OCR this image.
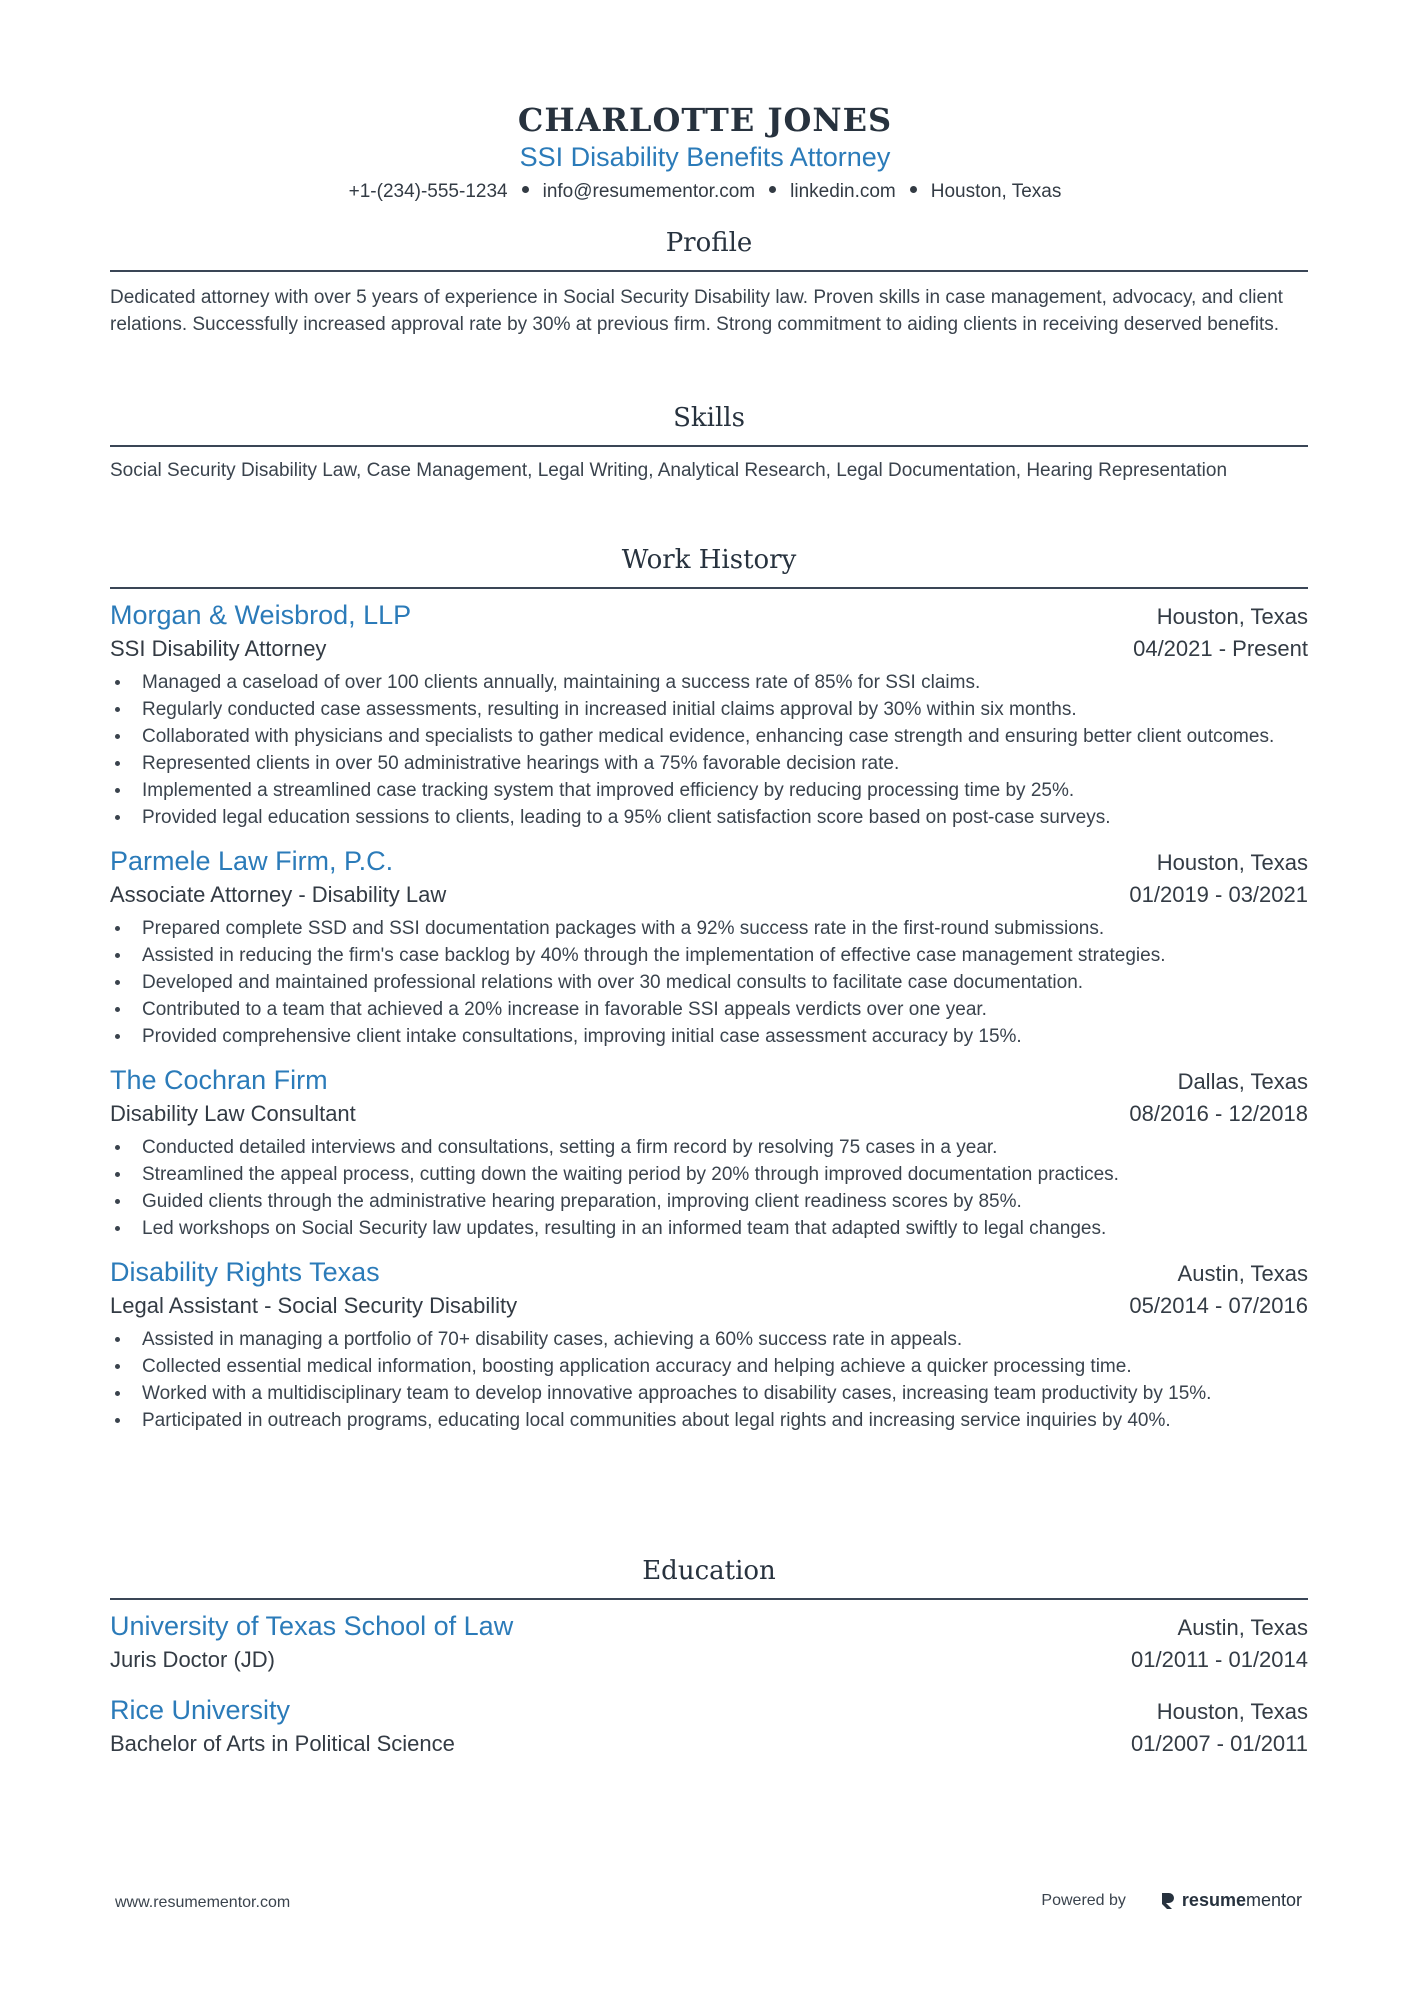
CHARLOTTE JONES
SSI Disability Benefits Attorney
+1-(234)-555-1234 info@resumementor.com linkedin.com Houston, Texas
Profile
Dedicated attorney with over 5 years of experience in Social Security Disability law. Proven skills in case management, advocacy, and client relations. Successfully increased approval rate by 30% at previous firm. Strong commitment to aiding clients in receiving deserved benefits.
Skills
Social Security Disability Law, Case Management, Legal Writing, Analytical Research, Legal Documentation, Hearing Representation
Work History
Morgan & Weisbrod, LLP	Houston, Texas
SSI Disability Attorney	04/2021 - Present
Managed a caseload of over 100 clients annually, maintaining a success rate of 85% for SSI claims.
Regularly conducted case assessments, resulting in increased initial claims approval by 30% within six months.
Collaborated with physicians and specialists to gather medical evidence, enhancing case strength and ensuring better client outcomes.
Represented clients in over 50 administrative hearings with a 75% favorable decision rate.
Implemented a streamlined case tracking system that improved efficiency by reducing processing time by 25%.
Provided legal education sessions to clients, leading to a 95% client satisfaction score based on post-case surveys.
Parmele Law Firm, P.C.	Houston, Texas
Associate Attorney - Disability Law	01/2019 - 03/2021
Prepared complete SSD and SSI documentation packages with a 92% success rate in the first-round submissions.
Assisted in reducing the firm's case backlog by 40% through the implementation of effective case management strategies.
Developed and maintained professional relations with over 30 medical consults to facilitate case documentation.
Contributed to a team that achieved a 20% increase in favorable SSI appeals verdicts over one year.
Provided comprehensive client intake consultations, improving initial case assessment accuracy by 15%.
The Cochran Firm	Dallas, Texas
Disability Law Consultant	08/2016 - 12/2018
Conducted detailed interviews and consultations, setting a firm record by resolving 75 cases in a year.
Streamlined the appeal process, cutting down the waiting period by 20% through improved documentation practices.
Guided clients through the administrative hearing preparation, improving client readiness scores by 85%.
Led workshops on Social Security law updates, resulting in an informed team that adapted swiftly to legal changes.
Disability Rights Texas	Austin, Texas
Legal Assistant - Social Security Disability	05/2014 - 07/2016
Assisted in managing a portfolio of 70+ disability cases, achieving a 60% success rate in appeals.
Collected essential medical information, boosting application accuracy and helping achieve a quicker processing time.
Worked with a multidisciplinary team to develop innovative approaches to disability cases, increasing team productivity by 15%.
Participated in outreach programs, educating local communities about legal rights and increasing service inquiries by 40%.
Education
University of Texas School of Law	Austin, Texas
Juris Doctor (JD)	01/2011 - 01/2014
Rice University	Houston, Texas
Bachelor of Arts in Political Science	01/2007 - 01/2011
www.resumementor.com	Powered by	resume mentor
